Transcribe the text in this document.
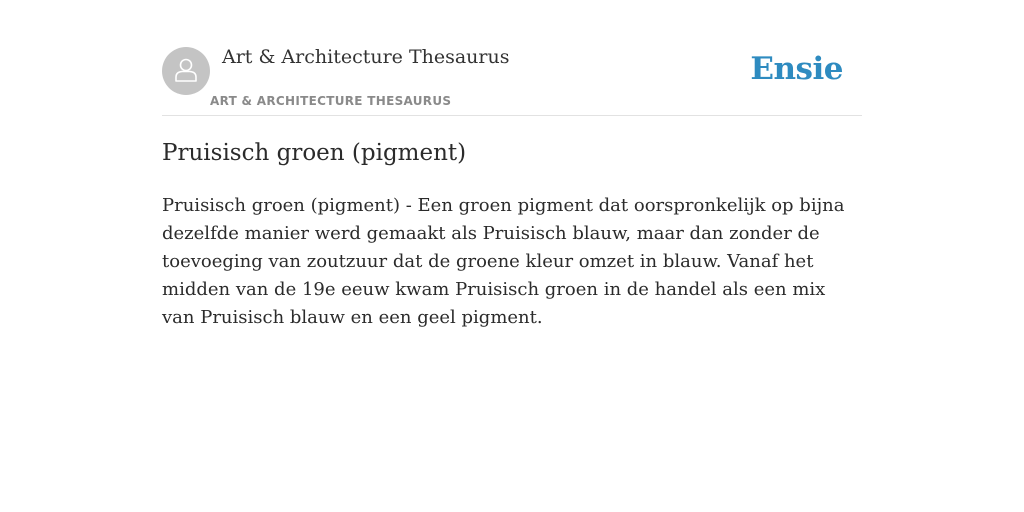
Art & Architecture Thesaurus
ART & ARCHITECTURE THESAURUS
Ensie
Pruisisch groen (pigment)

Pruisisch groen (pigment) - Een groen pigment dat oorspronkelijk op bijna dezelfde manier werd gemaakt als Pruisisch blauw, maar dan zonder de toevoeging van zoutzuur dat de groene kleur omzet in blauw. Vanaf het midden van de 19e eeuw kwam Pruisisch groen in de handel als een mix van Pruisisch blauw en een geel pigment.
